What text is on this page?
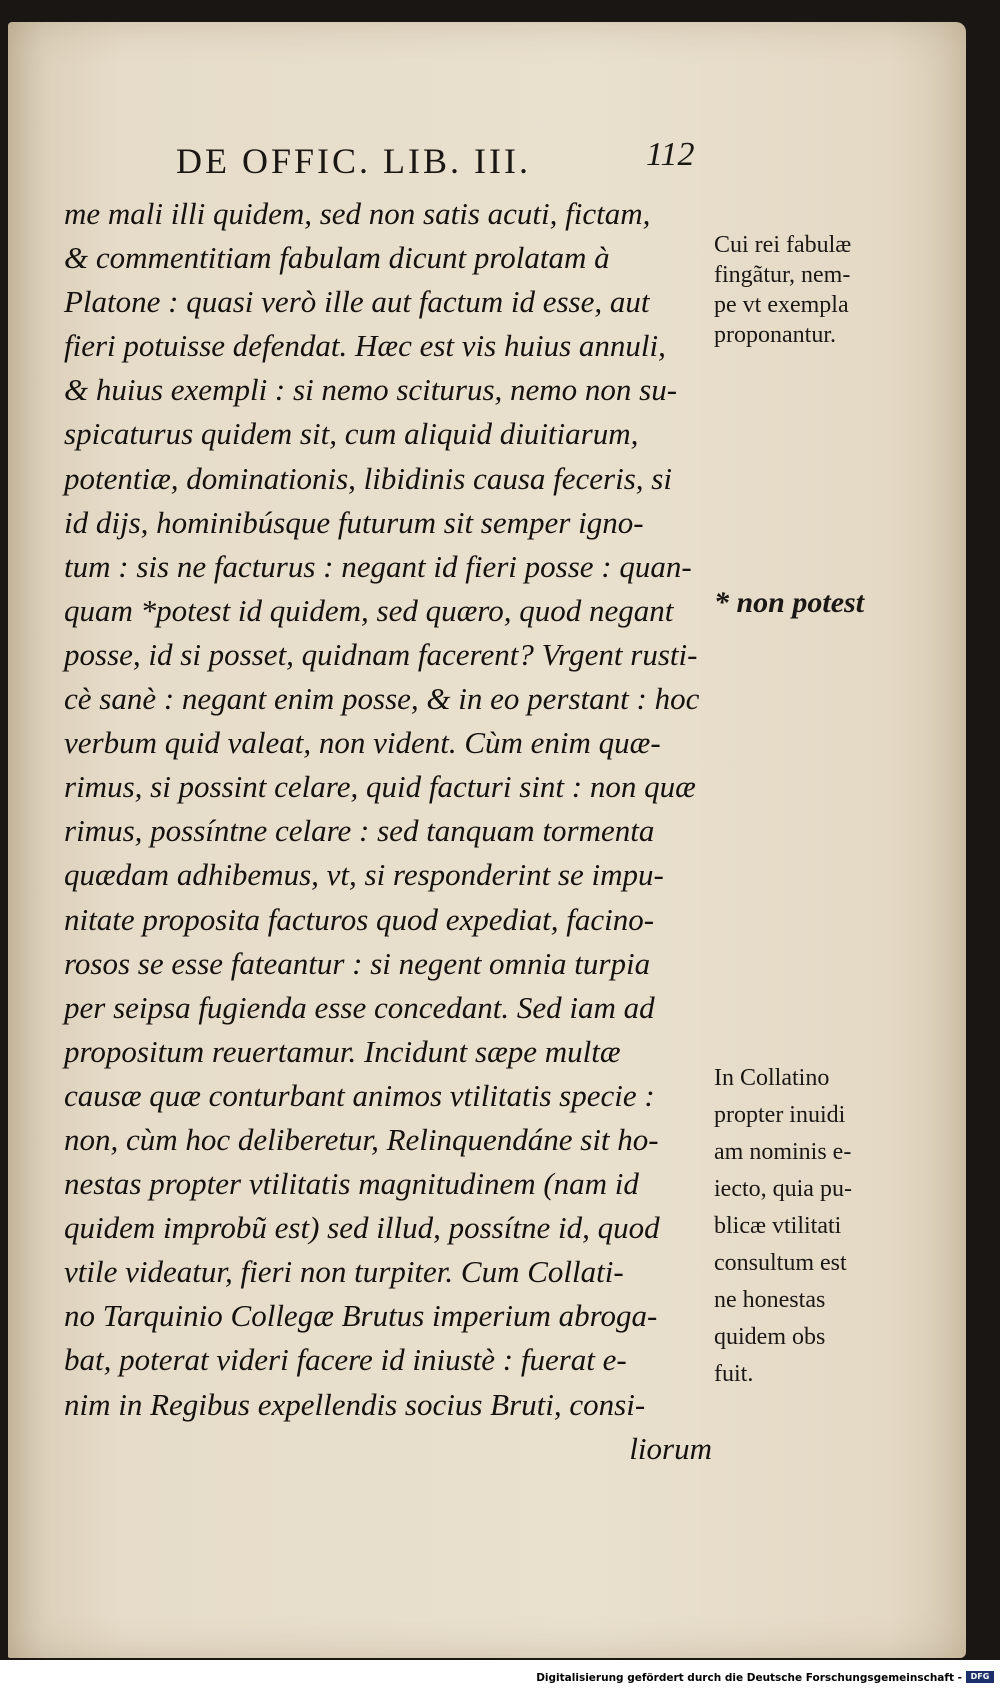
DE OFFIC. LIB. III.	112
me mali illi quidem, sed non satis acuti, fictam,
& commentitiam fabulam dicunt prolatam à
Platone : quasi verò ille aut factum id esse, aut
fieri potuisse defendat. Hæc est vis huius annuli,
& huius exempli : si nemo sciturus, nemo non su-
spicaturus quidem sit, cum aliquid diuitiarum,
potentiæ, dominationis, libidinis causa feceris, si
id dijs, hominibúsque futurum sit semper igno-
tum : sis ne facturus : negant id fieri posse : quan-
quam *potest id quidem, sed quæro, quod negant
posse, id si posset, quidnam facerent? Vrgent rusti-
cè sanè : negant enim posse, & in eo perstant : hoc
verbum quid valeat, non vident. Cùm enim quæ-
rimus, si possint celare, quid facturi sint : non quæ
rimus, possíntne celare : sed tanquam tormenta
quædam adhibemus, vt, si responderint se impu-
nitate proposita facturos quod expediat, facino-
rosos se esse fateantur : si negent omnia turpia
per seipsa fugienda esse concedant. Sed iam ad
propositum reuertamur. Incidunt sæpe multæ
causæ quæ conturbant animos vtilitatis specie :
non, cùm hoc deliberetur, Relinquendáne sit ho-
nestas propter vtilitatis magnitudinem (nam id
quidem improbũ est) sed illud, possítne id, quod
vtile videatur, fieri non turpiter. Cum Collati-
no Tarquinio Collegæ Brutus imperium abroga-
bat, poterat videri facere id iniustè : fuerat e-
nim in Regibus expellendis socius Bruti, consi-
liorum
Cui rei fabulæ
fingãtur, nem-
pe vt exempla
proponantur.
* non potest
In Collatino
propter inuidi
am nominis e-
iecto, quia pu-
blicæ vtilitati
consultum est
ne honestas
quidem obs
fuit.
Digitalisierung gefördert durch die Deutsche Forschungsgemeinschaft -	DFG
